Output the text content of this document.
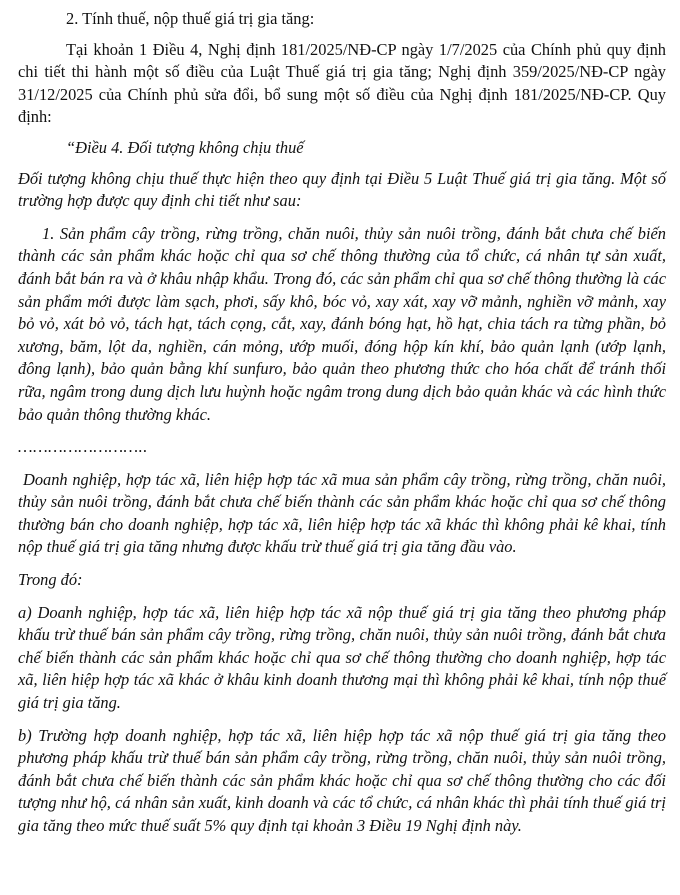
2. Tính thuế, nộp thuế giá trị gia tăng:

Tại khoản 1 Điều 4, Nghị định 181/2025/NĐ-CP ngày 1/7/2025 của Chính phủ quy định chi tiết thi hành một số điều của Luật Thuế giá trị gia tăng; Nghị định 359/2025/NĐ-CP ngày 31/12/2025 của Chính phủ sửa đổi, bổ sung một số điều của Nghị định 181/2025/NĐ-CP. Quy định:

“Điều 4. Đối tượng không chịu thuế

Đối tượng không chịu thuế thực hiện theo quy định tại Điều 5 Luật Thuế giá trị gia tăng. Một số trường hợp được quy định chi tiết như sau:

1. Sản phẩm cây trồng, rừng trồng, chăn nuôi, thủy sản nuôi trồng, đánh bắt chưa chế biến thành các sản phẩm khác hoặc chỉ qua sơ chế thông thường của tổ chức, cá nhân tự sản xuất, đánh bắt bán ra và ở khâu nhập khẩu. Trong đó, các sản phẩm chỉ qua sơ chế thông thường là các sản phẩm mới được làm sạch, phơi, sấy khô, bóc vỏ, xay xát, xay vỡ mảnh, nghiền vỡ mảnh, xay bỏ vỏ, xát bỏ vỏ, tách hạt, tách cọng, cắt, xay, đánh bóng hạt, hồ hạt, chia tách ra từng phần, bỏ xương, băm, lột da, nghiền, cán mỏng, ướp muối, đóng hộp kín khí, bảo quản lạnh (ướp lạnh, đông lạnh), bảo quản bằng khí sunfuro, bảo quản theo phương thức cho hóa chất để tránh thối rữa, ngâm trong dung dịch lưu huỳnh hoặc ngâm trong dung dịch bảo quản khác và các hình thức bảo quản thông thường khác.

……………………..

Doanh nghiệp, hợp tác xã, liên hiệp hợp tác xã mua sản phẩm cây trồng, rừng trồng, chăn nuôi, thủy sản nuôi trồng, đánh bắt chưa chế biến thành các sản phẩm khác hoặc chỉ qua sơ chế thông thường bán cho doanh nghiệp, hợp tác xã, liên hiệp hợp tác xã khác thì không phải kê khai, tính nộp thuế giá trị gia tăng nhưng được khấu trừ thuế giá trị gia tăng đầu vào.

Trong đó:

a) Doanh nghiệp, hợp tác xã, liên hiệp hợp tác xã nộp thuế giá trị gia tăng theo phương pháp khấu trừ thuế bán sản phẩm cây trồng, rừng trồng, chăn nuôi, thủy sản nuôi trồng, đánh bắt chưa chế biến thành các sản phẩm khác hoặc chỉ qua sơ chế thông thường cho doanh nghiệp, hợp tác xã, liên hiệp hợp tác xã khác ở khâu kinh doanh thương mại thì không phải kê khai, tính nộp thuế giá trị gia tăng.

b) Trường hợp doanh nghiệp, hợp tác xã, liên hiệp hợp tác xã nộp thuế giá trị gia tăng theo phương pháp khấu trừ thuế bán sản phẩm cây trồng, rừng trồng, chăn nuôi, thủy sản nuôi trồng, đánh bắt chưa chế biến thành các sản phẩm khác hoặc chỉ qua sơ chế thông thường cho các đối tượng như hộ, cá nhân sản xuất, kinh doanh và các tổ chức, cá nhân khác thì phải tính thuế giá trị gia tăng theo mức thuế suất 5% quy định tại khoản 3 Điều 19 Nghị định này.
